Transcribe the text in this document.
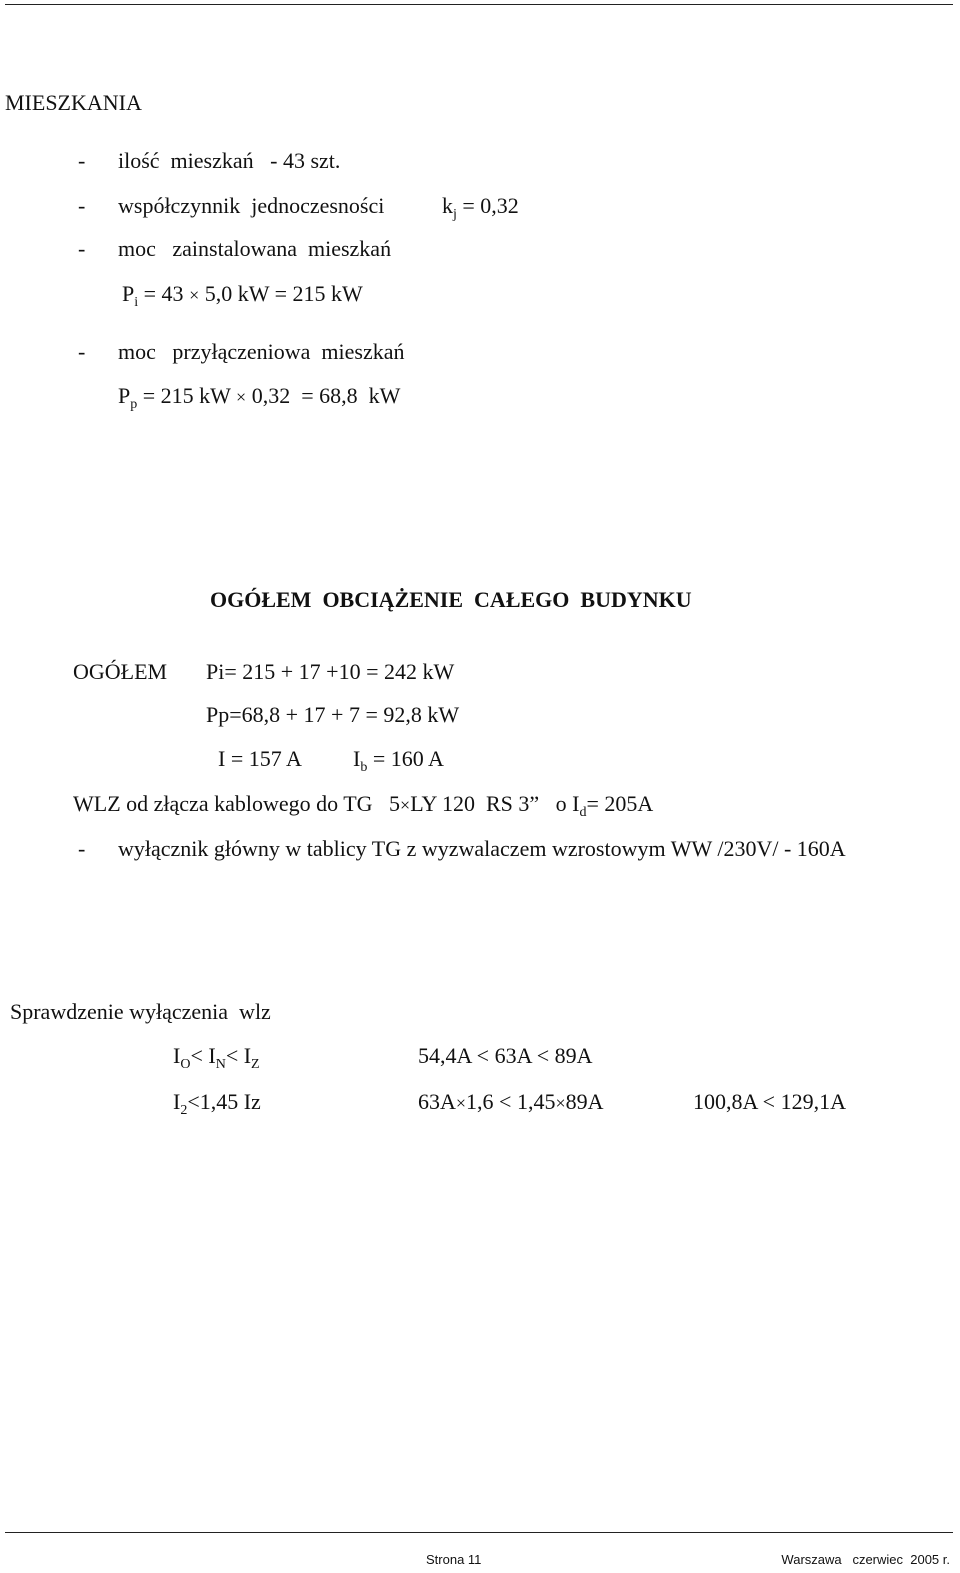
MIESZKANIA
- ilość  mieszkań   - 43 szt.
- współczynnik  jednoczesności	$k_j = 0,32$
- moc   zainstalowana  mieszkań
$P_i = 43 \times 5,0$ kW = 215 kW
- moc   przyłączeniowa  mieszkań
$P_p = 215$ kW × 0,32  = 68,8  kW
OGÓŁEM  OBCIĄŻENIE  CAŁEGO  BUDYNKU
OGÓŁEM Pi= 215 + 17 +10 = 242 kW
Pp=68,8 + 17 + 7 = 92,8 kW
I = 157 A $I_b = 160$ A
WLZ od złącza kablowego do TG   5×LY 120  RS 3”   o $I_d= 205A$
- wyłącznik główny w tablicy TG z wyzwalaczem wzrostowym WW /230V/ - 160A
Sprawdzenie wyłączenia  wlz
$I_O< I_N< I_Z$	54,4A < 63A < 89A
$I_2<1,45$ Iz	63A×1,6 < 1,45×89A	100,8A < 129,1A
Strona 11	Warszawa   czerwiec  2005 r.
